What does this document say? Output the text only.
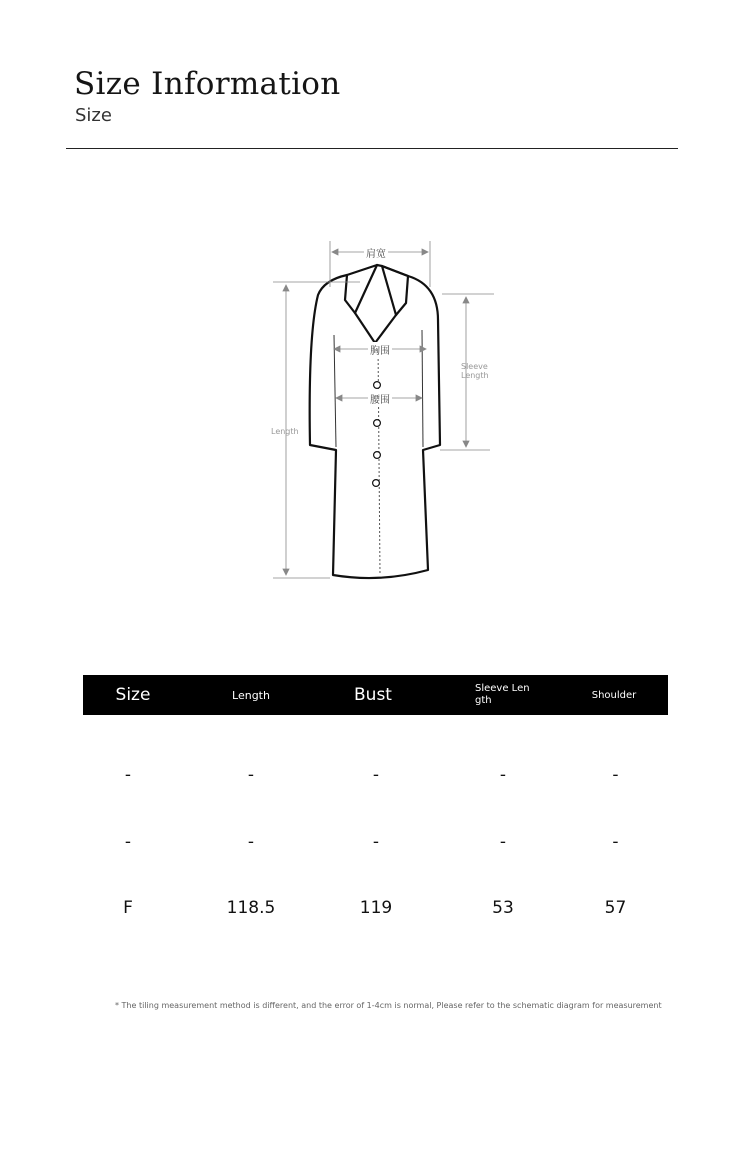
Size Information
Size
肩宽
胸围
腰围
Sleeve
Length
Length
Size	Length	Bust	Sleeve Length	Shoulder
-	-	-	-	-
-	-	-	-	-
F	118.5	119	53	57
* The tiling measurement method is different, and the error of 1-4cm is normal, Please refer to the schematic diagram for measurement
